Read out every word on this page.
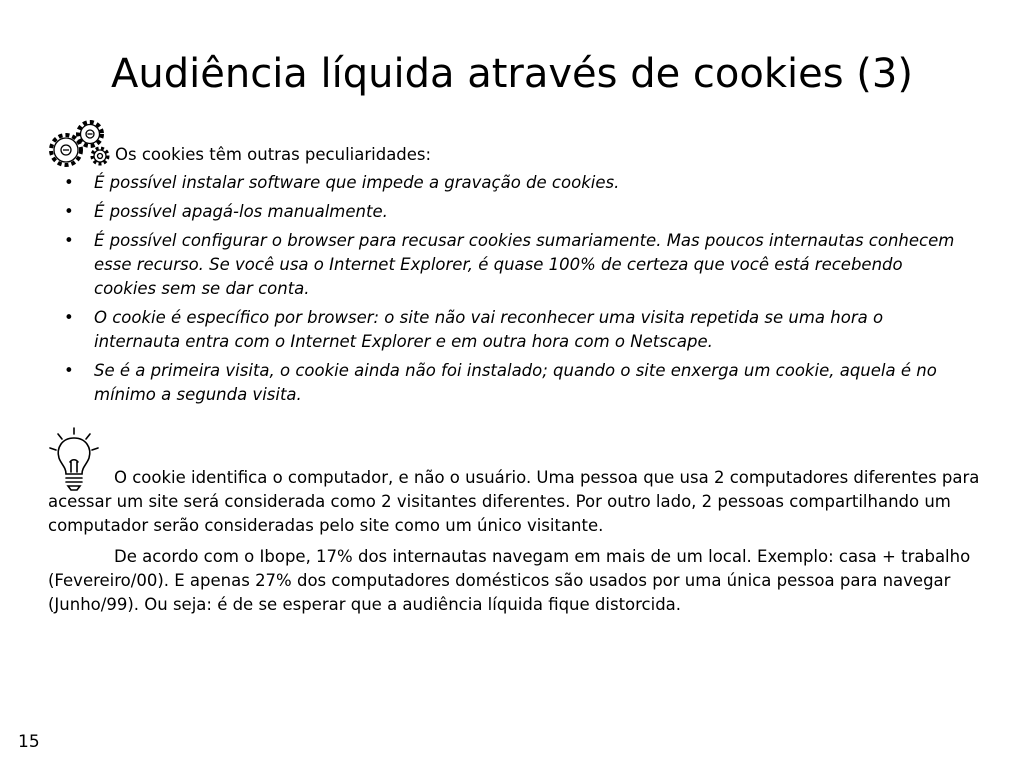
Audiência líquida através de cookies (3)

Os cookies têm outras peculiaridades:

• É possível instalar software que impede a gravação de cookies.
• É possível apagá-los manualmente.
• É possível configurar o browser para recusar cookies sumariamente. Mas poucos internautas conhecem esse recurso. Se você usa o Internet Explorer, é quase 100% de certeza que você está recebendo cookies sem se dar conta.
• O cookie é específico por browser: o site não vai reconhecer uma visita repetida se uma hora o internauta entra com o Internet Explorer e em outra hora com o Netscape.
• Se é a primeira visita, o cookie ainda não foi instalado; quando o site enxerga um cookie, aquela é no mínimo a segunda visita.

O cookie identifica o computador, e não o usuário. Uma pessoa que usa 2 computadores diferentes para acessar um site será considerada como 2 visitantes diferentes. Por outro lado, 2 pessoas compartilhando um computador serão consideradas pelo site como um único visitante.

De acordo com o Ibope, 17% dos internautas navegam em mais de um local. Exemplo: casa + trabalho (Fevereiro/00). E apenas 27% dos computadores domésticos são usados por uma única pessoa para navegar (Junho/99). Ou seja: é de se esperar que a audiência líquida fique distorcida.

15
